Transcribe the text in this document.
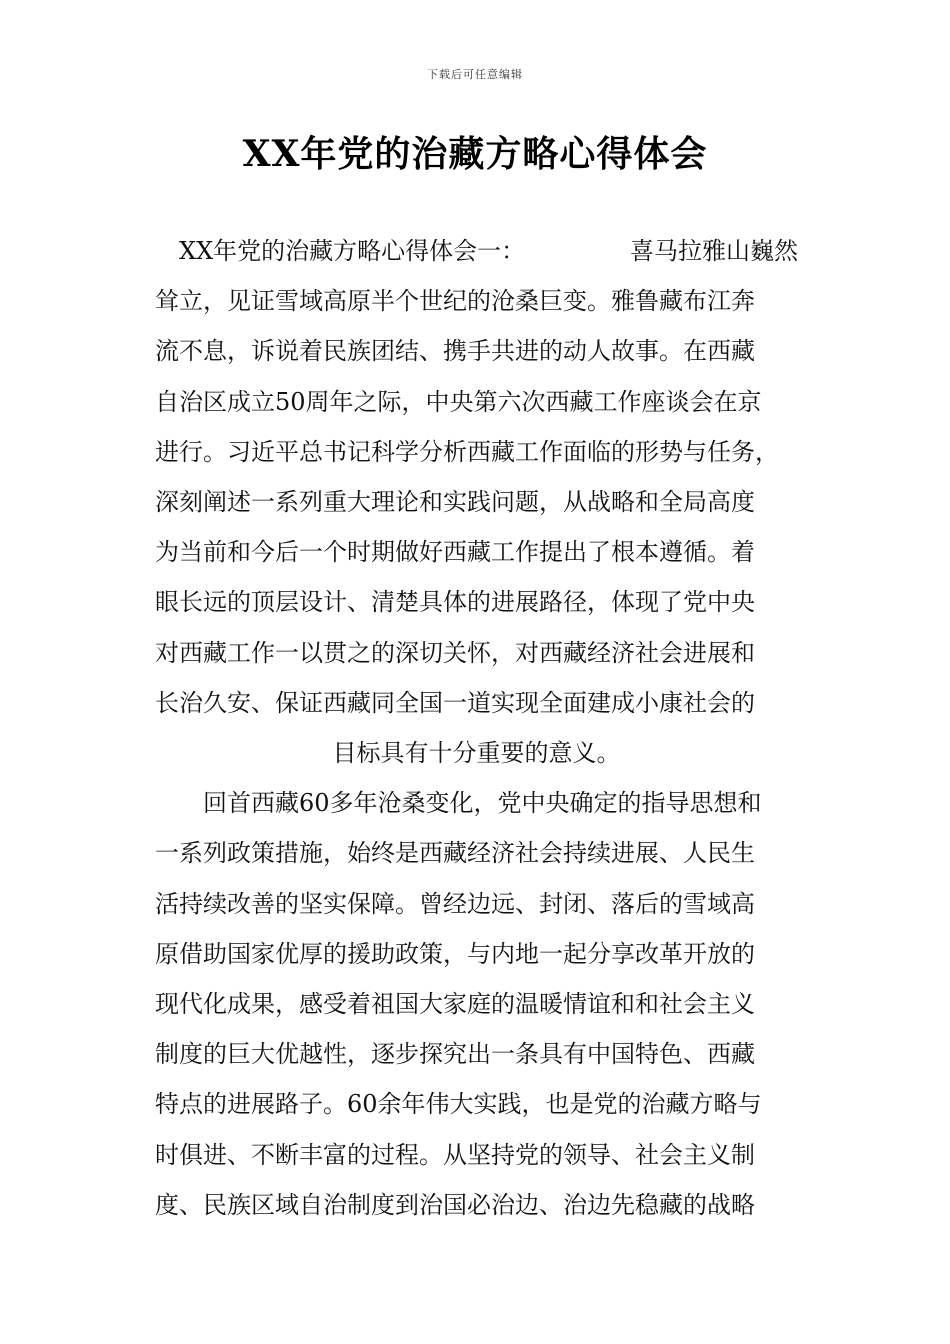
下载后可任意编辑
XX年党的治藏方略心得体会
XX年党的治藏方略心得体会一：	喜马拉雅山巍然
耸立，见证雪域高原半个世纪的沧桑巨变。雅鲁藏布江奔
流不息，诉说着民族团结、携手共进的动人故事。在西藏
自治区成立50周年之际，中央第六次西藏工作座谈会在京
进行。习近平总书记科学分析西藏工作面临的形势与任务，
深刻阐述一系列重大理论和实践问题，从战略和全局高度
为当前和今后一个时期做好西藏工作提出了根本遵循。着
眼长远的顶层设计、清楚具体的进展路径，体现了党中央
对西藏工作一以贯之的深切关怀，对西藏经济社会进展和
长治久安、保证西藏同全国一道实现全面建成小康社会的
目标具有十分重要的意义。
回首西藏60多年沧桑变化，党中央确定的指导思想和
一系列政策措施，始终是西藏经济社会持续进展、人民生
活持续改善的坚实保障。曾经边远、封闭、落后的雪域高
原借助国家优厚的援助政策，与内地一起分享改革开放的
现代化成果，感受着祖国大家庭的温暖情谊和和社会主义
制度的巨大优越性，逐步探究出一条具有中国特色、西藏
特点的进展路子。60余年伟大实践，也是党的治藏方略与
时俱进、不断丰富的过程。从坚持党的领导、社会主义制
度、民族区域自治制度到治国必治边、治边先稳藏的战略
